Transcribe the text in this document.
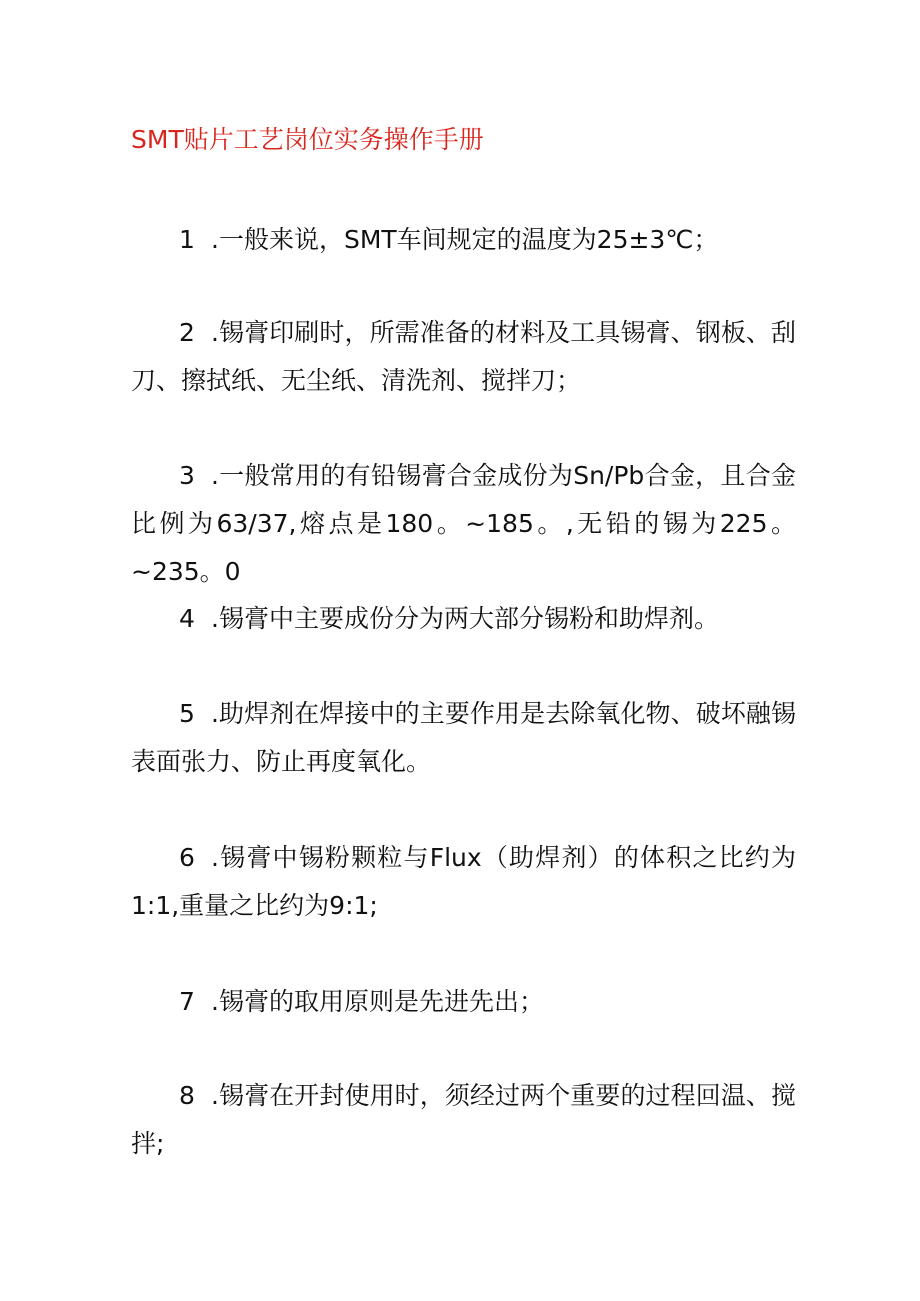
SMT贴片工艺岗位实务操作手册
1 .一般来说，SMT车间规定的温度为25±3℃；
2 .锡膏印刷时，所需准备的材料及工具锡膏、钢板、刮刀、擦拭纸、无尘纸、清洗剂、搅拌刀；
3 .一般常用的有铅锡膏合金成份为Sn/Pb合金，且合金比例为63/37,熔点是180。~185。,无铅的锡为225。~235。0
4 .锡膏中主要成份分为两大部分锡粉和助焊剂。
5 .助焊剂在焊接中的主要作用是去除氧化物、破坏融锡表面张力、防止再度氧化。
6 .锡膏中锡粉颗粒与Flux（助焊剂）的体积之比约为1:1,重量之比约为9:1;
7 .锡膏的取用原则是先进先出；
8 .锡膏在开封使用时，须经过两个重要的过程回温、搅拌;
